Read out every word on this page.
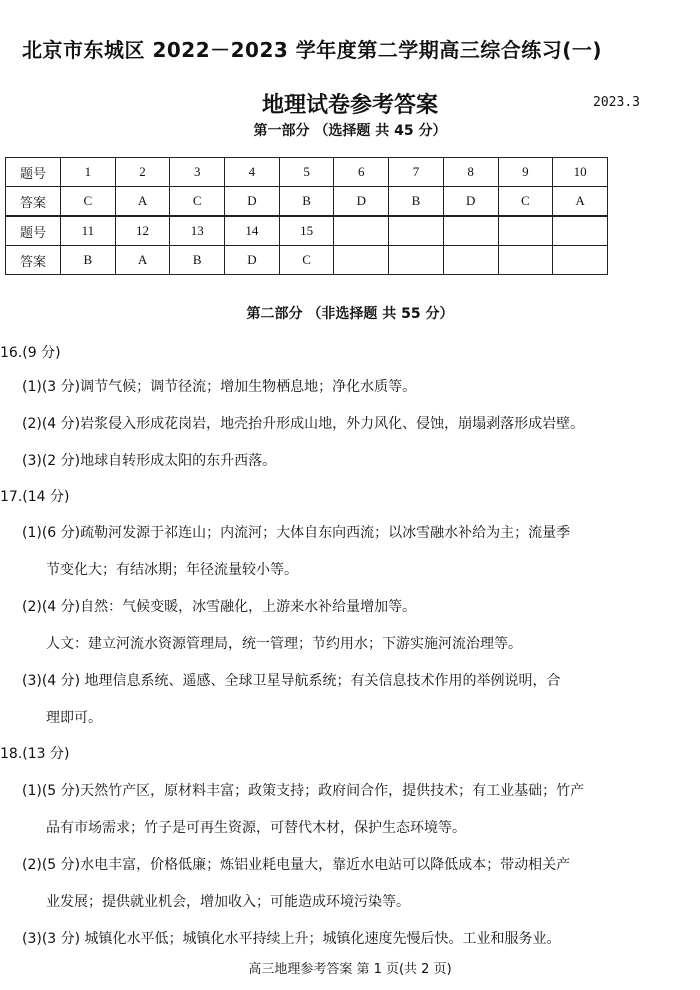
北京市东城区 2022－2023 学年度第二学期高三综合练习(一)
地理试卷参考答案	2023.3
第一部分 （选择题 共 45 分）
题号	1	2	3	4	5	6	7	8	9	10
答案	C	A	C	D	B	D	B	D	C	A
题号	11	12	13	14	15					
答案	B	A	B	D	C					
第二部分 （非选择题 共 55 分）
16.(9 分)
(1)(3 分)调节气候；调节径流；增加生物栖息地；净化水质等。
(2)(4 分)岩浆侵入形成花岗岩，地壳抬升形成山地，外力风化、侵蚀，崩塌剥落形成岩壁。
(3)(2 分)地球自转形成太阳的东升西落。
17.(14 分)
(1)(6 分)疏勒河发源于祁连山；内流河；大体自东向西流；以冰雪融水补给为主；流量季
节变化大；有结冰期；年径流量较小等。
(2)(4 分)自然：气候变暖，冰雪融化，上游来水补给量增加等。
人文：建立河流水资源管理局，统一管理；节约用水；下游实施河流治理等。
(3)(4 分) 地理信息系统、遥感、全球卫星导航系统；有关信息技术作用的举例说明，合
理即可。
18.(13 分)
(1)(5 分)天然竹产区，原材料丰富；政策支持；政府间合作，提供技术；有工业基础；竹产
品有市场需求；竹子是可再生资源，可替代木材，保护生态环境等。
(2)(5 分)水电丰富，价格低廉；炼铝业耗电量大，靠近水电站可以降低成本；带动相关产
业发展；提供就业机会，增加收入；可能造成环境污染等。
(3)(3 分) 城镇化水平低；城镇化水平持续上升；城镇化速度先慢后快。工业和服务业。
高三地理参考答案 第 1 页(共 2 页)
